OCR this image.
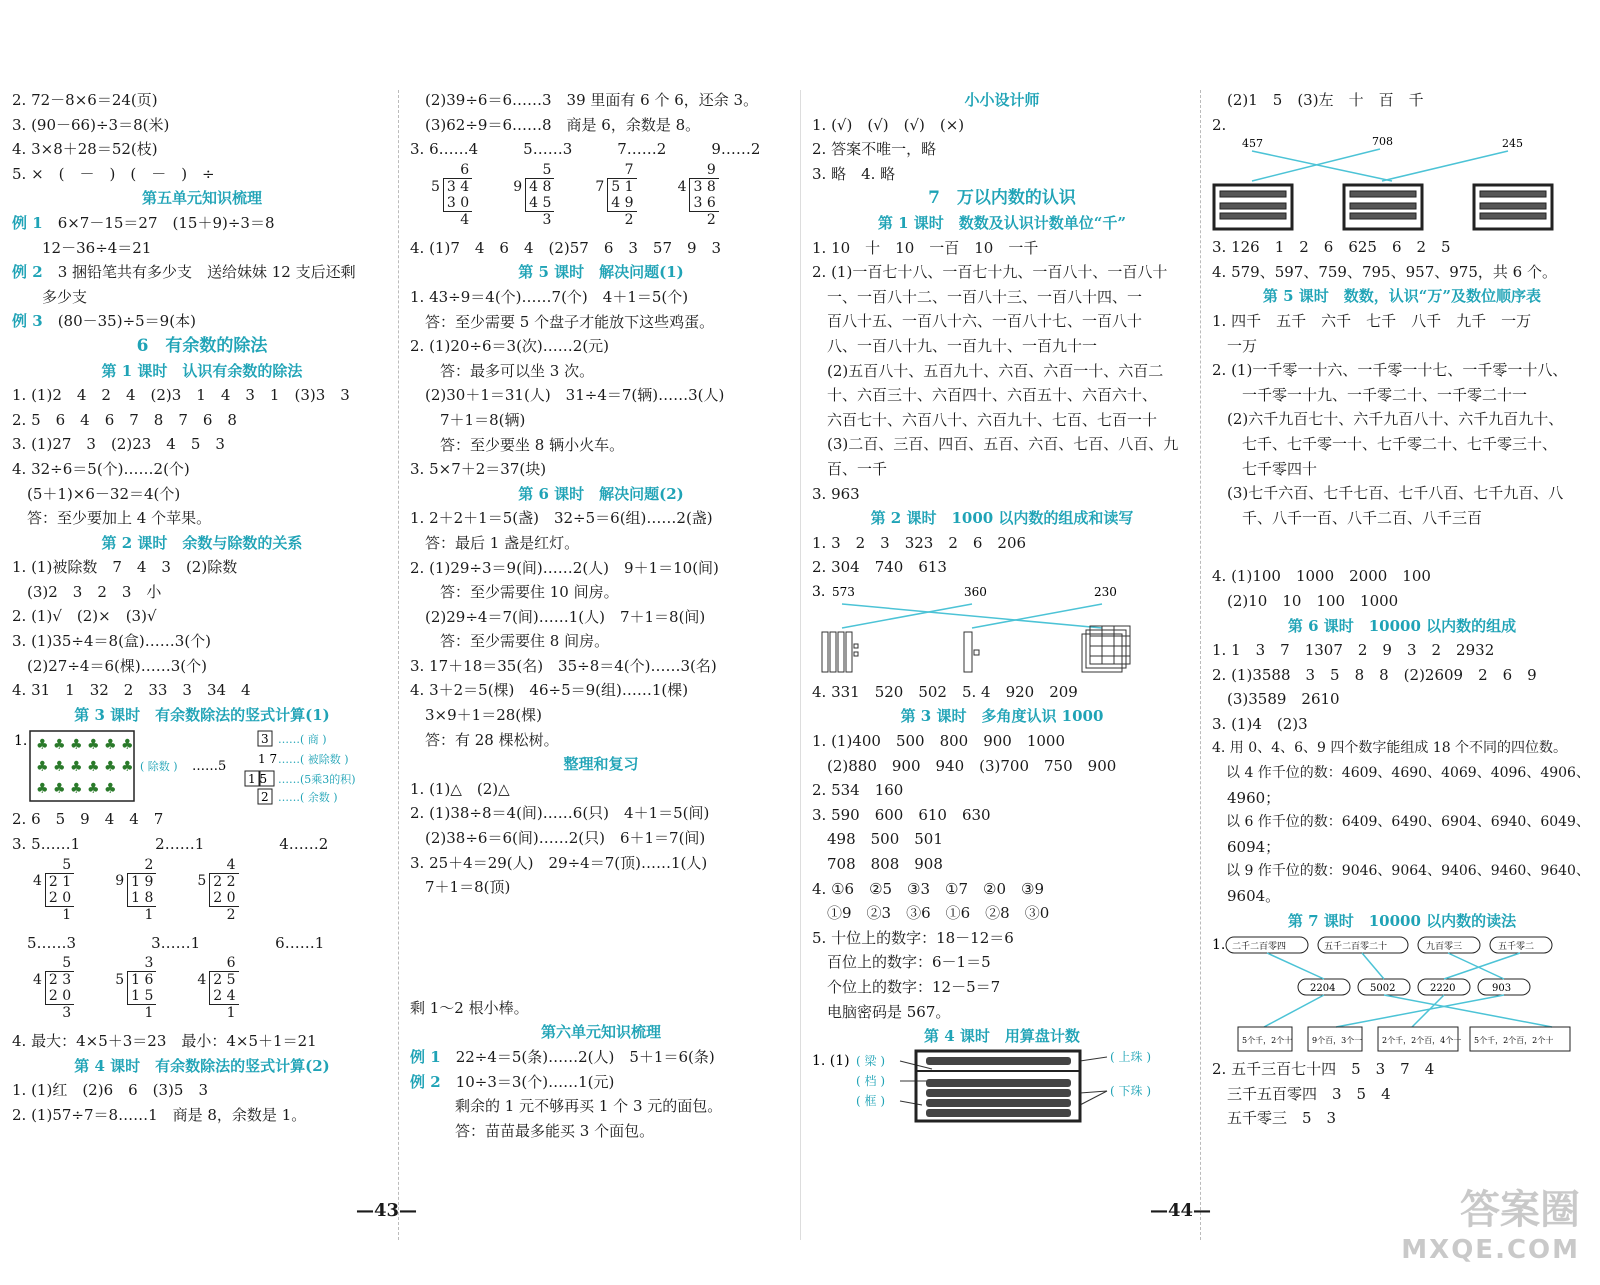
2. 72－8×6＝24(页)
3. (90－66)÷3＝8(米)
4. 3×8＋28＝52(枝)
5. ×　(　－　)　(　－　)　÷
第五单元知识梳理
例 1　 6×7－15＝27　(15＋9)÷3＝8
　　12－36÷4＝21
例 2　 3 捆铅笔共有多少支　送给妹妹 12 支后还剩
　　多少支
例 3　 (80－35)÷5＝9(本)
6　有余数的除法
第 1 课时　认识有余数的除法
1. (1)2　4　2　4　(2)3　1　4　3　1　(3)3　3
2. 5　6　4　6　7　8　7　6　8
3. (1)27　3　(2)23　4　5　3
4. 32÷6＝5(个)……2(个)
　(5＋1)×6－32＝4(个)
　答：至少要加上 4 个苹果。
第 2 课时　余数与除数的关系
1. (1)被除数　7　4　3　(2)除数
　(3)2　3　2　3　小
2. (1)√　(2)×　(3)√
3. (1)35÷4＝8(盒)……3(个)
　(2)27÷4＝6(棵)……3(个)
4. 31　1　32　2　33　3　34　4
第 3 课时　有余数除法的竖式计算(1)
1. ♣ ♣ ♣ ♣ ♣ ♣
♣ ♣ ♣ ♣ ♣ ♣
♣ ♣ ♣ ♣ ♣
( 除数 ) ……5
3
1 7
1 5
2
……( 商 )
……( 被除数 )
……(5乘3的积)
……( 余数 )
2. 6　5　9　4　4　7
3. 5……1　　　　　2……1　　　　　4……2
	5
4	2 1
	2 0
	1
	2
9	1 9
	1 8
	1
	4
5	2 2
	2 0
	2
　5……3　　　　　3……1　　　　　6……1
	5
4	2 3
	2 0
	3
	3
5	1 6
	1 5
	1
	6
4	2 5
	2 4
	1
4. 最大：4×5＋3＝23　最小：4×5＋1＝21
第 4 课时　有余数除法的竖式计算(2)
1. (1)红　(2)6　6　(3)5　3
2. (1)57÷7＝8……1　商是 8，余数是 1。
　(2)39÷6＝6……3　39 里面有 6 个 6，还余 3。
　(3)62÷9＝6……8　商是 6，余数是 8。
3. 6……4　　　5……3　　　7……2　　　9……2
	6
5	3 4
	3 0
	4
	5
9	4 8
	4 5
	3
	7
7	5 1
	4 9
	2
	9
4	3 8
	3 6
	2
4. (1)7　4　6　4　(2)57　6　3　57　9　3
第 5 课时　解决问题(1)
1. 43÷9＝4(个)……7(个)　4＋1＝5(个)
　答：至少需要 5 个盘子才能放下这些鸡蛋。
2. (1)20÷6＝3(次)……2(元)
　　答：最多可以坐 3 次。
　(2)30＋1＝31(人)　31÷4＝7(辆)……3(人)
　　7＋1＝8(辆)
　　答：至少要坐 8 辆小火车。
3. 5×7＋2＝37(块)
第 6 课时　解决问题(2)
1. 2＋2＋1＝5(盏)　32÷5＝6(组)……2(盏)
　答：最后 1 盏是红灯。
2. (1)29÷3＝9(间)……2(人)　9＋1＝10(间)
　　答：至少需要住 10 间房。
　(2)29÷4＝7(间)……1(人)　7＋1＝8(间)
　　答：至少需要住 8 间房。
3. 17＋18＝35(名)　35÷8＝4(个)……3(名)
4. 3＋2＝5(棵)　46÷5＝9(组)……1(棵)
　3×9＋1＝28(棵)
　答：有 28 棵松树。
整理和复习
1. (1)△　(2)△
2. (1)38÷8＝4(间)……6(只)　4＋1＝5(间)
　(2)38÷6＝6(间)……2(只)　6＋1＝7(间)
3. 25＋4＝29(人)　29÷4＝7(顶)……1(人)
　7＋1＝8(顶)

剩 1～2 根小棒。
第六单元知识梳理
例 1　 22÷4＝5(条)……2(人)　5＋1＝6(条)
例 2　 10÷3＝3(个)……1(元)
　　　剩余的 1 元不够再买 1 个 3 元的面包。
　　　答：苗苗最多能买 3 个面包。
—43—
小小设计师
1. (√)　(√)　(√)　(×)
2. 答案不唯一，略
3. 略　4. 略
7　万以内数的认识
第 1 课时　数数及认识计数单位“千”
1. 10　十　10　一百　10　一千
2. (1)一百七十八、一百七十九、一百八十、一百八十
　一、一百八十二、一百八十三、一百八十四、一
　百八十五、一百八十六、一百八十七、一百八十
　八、一百八十九、一百九十、一百九十一
　(2)五百八十、五百九十、六百、六百一十、六百二
　十、六百三十、六百四十、六百五十、六百六十、
　六百七十、六百八十、六百九十、七百、七百一十
　(3)二百、三百、四百、五百、六百、七百、八百、九
　百、一千
3. 963
第 2 课时　1000 以内数的组成和读写
1. 3　2　3　323　2　6　206
2. 304　740　613
3. 573	360	230
4. 331　520　502　5. 4　920　209
第 3 课时　多角度认识 1000
1. (1)400　500　800　900　1000
　(2)880　900　940　(3)700　750　900
2. 534　160
3. 590　600　610　630
　498　500　501
　708　808　908
4. ①6　②5　③3　①7　②0　③9
　①9　②3　③6　①6　②8　③0
5. 十位上的数字：18－12＝6
　百位上的数字：6－1＝5
　个位上的数字：12－5＝7
　电脑密码是 567。
第 4 课时　用算盘计数
1. (1) ( 梁 )
( 档 )
( 框 )
( 上珠 )
( 下珠 )
　(2)1　5　(3)左　十　百　千
2.
457	708	245
3. 126　1　2　6　625　6　2　5
4. 579、597、759、795、957、975，共 6 个。
第 5 课时　数数，认识“万”及数位顺序表
1. 四千　五千　六千　七千　八千　九千　一万
　一万
2. (1)一千零一十六、一千零一十七、一千零一十八、
　　一千零一十九、一千零二十、一千零二十一
　(2)六千九百七十、六千九百八十、六千九百九十、
　　七千、七千零一十、七千零二十、七千零三十、
　　七千零四十
　(3)七千六百、七千七百、七千八百、七千九百、八
　　千、八千一百、八千二百、八千三百

4. (1)100　1000　2000　100
　(2)10　10　100　1000
第 6 课时　10000 以内数的组成
1. 1　3　7　1307　2　9　3　2　2932
2. (1)3588　3　5　8　8　(2)2609　2　6　9
　(3)3589　2610
3. (1)4　(2)3
4. 用 0、4、6、9 四个数字能组成 18 个不同的四位数。
　以 4 作千位的数：4609、4690、4069、4096、4906、
　4960；
　以 6 作千位的数：6409、6490、6904、6940、6049、
　6094；
　以 9 作千位的数：9046、9064、9406、9460、9640、
　9604。
第 7 课时　10000 以内数的读法
1. 二千二百零四	五千二百零二十	九百零三	五千零二
2204	5002	2220	903
5个千，2个十 9个百，3个一 2个千，2个百，4个一 5个千，2个百，2个十
2. 五千三百七十四　5　3　7　4
　三千五百零四　3　5　4
　五千零三　5　3
—44—	答案圈
MXQE.COM
